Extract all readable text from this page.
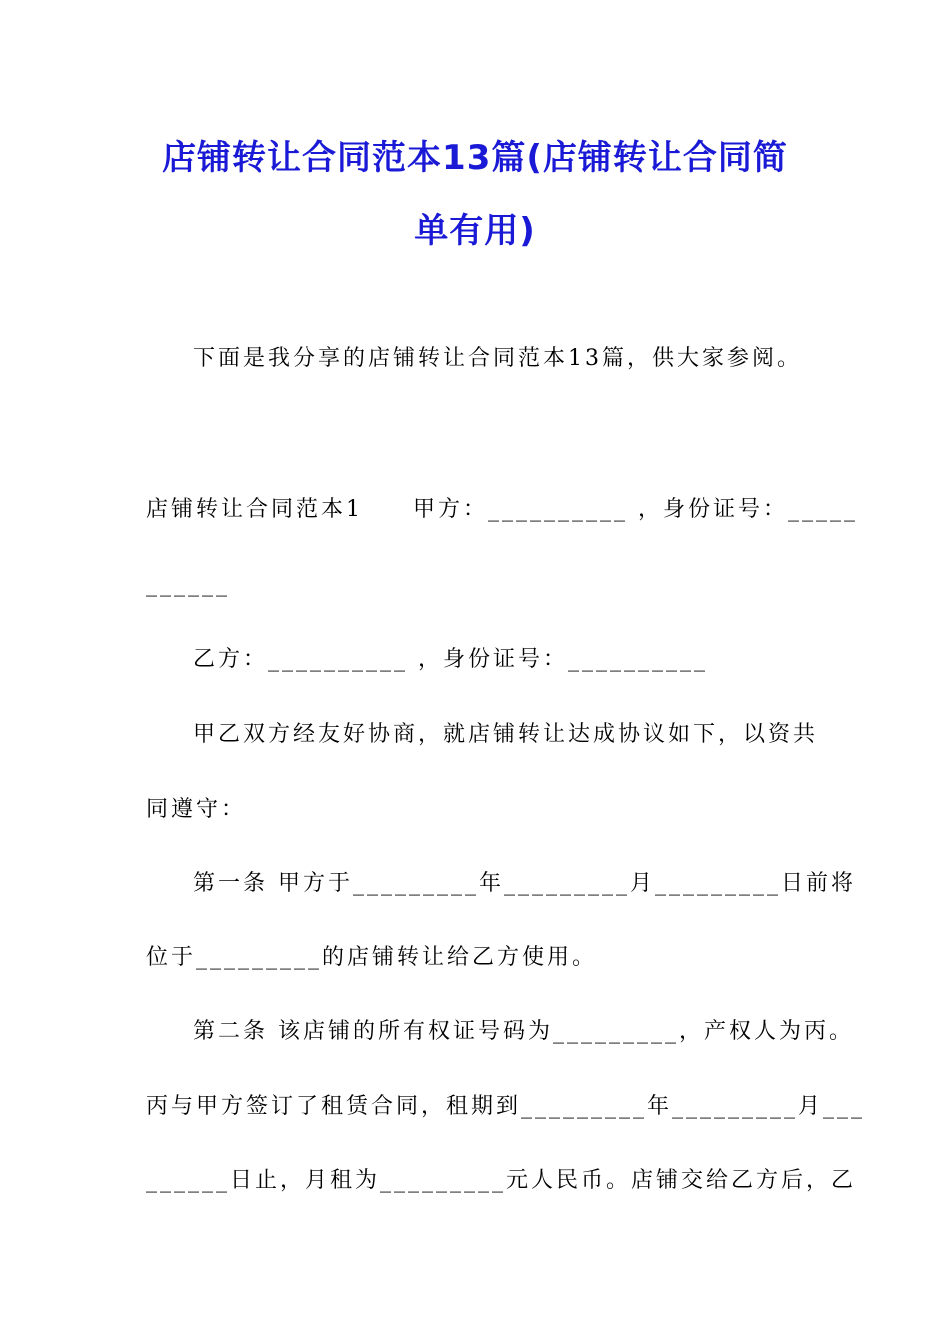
店铺转让合同范本13篇(店铺转让合同简
单有用)
下面是我分享的店铺转让合同范本13篇，供大家参阅。
店铺转让合同范本1　　甲方：__________ ，身份证号：_____
______
乙方：__________ ，身份证号：__________
甲乙双方经友好协商，就店铺转让达成协议如下，以资共
同遵守：
第一条 甲方于_________年_________月_________日前将
位于_________的店铺转让给乙方使用。
第二条 该店铺的所有权证号码为_________，产权人为丙。
丙与甲方签订了租赁合同，租期到_________年_________月___
______日止，月租为_________元人民币。店铺交给乙方后，乙
